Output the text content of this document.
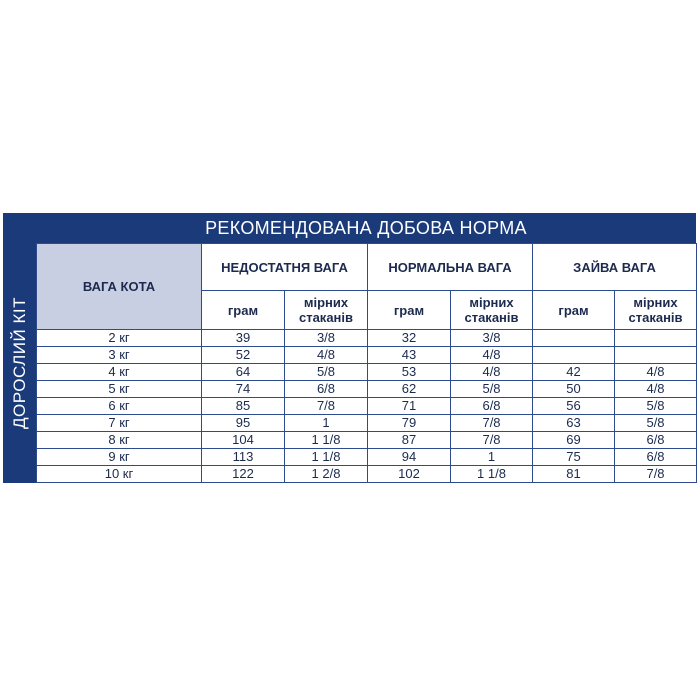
ДОРОСЛИЙ КІТ
РЕКОМЕНДОВАНА ДОБОВА НОРМА
ВАГА КОТА	НЕДОСТАТНЯ ВАГА		НОРМАЛЬНА ВАГА		ЗАЙВА ВАГА	
	грам	мірних стаканів	грам	мірних стаканів	грам	мірних стаканів
2 кг	39	3/8	32	3/8		
3 кг	52	4/8	43	4/8		
4 кг	64	5/8	53	4/8	42	4/8
5 кг	74	6/8	62	5/8	50	4/8
6 кг	85	7/8	71	6/8	56	5/8
7 кг	95	1	79	7/8	63	5/8
8 кг	104	1 1/8	87	7/8	69	6/8
9 кг	113	1 1/8	94	1	75	6/8
10 кг	122	1 2/8	102	1 1/8	81	7/8
